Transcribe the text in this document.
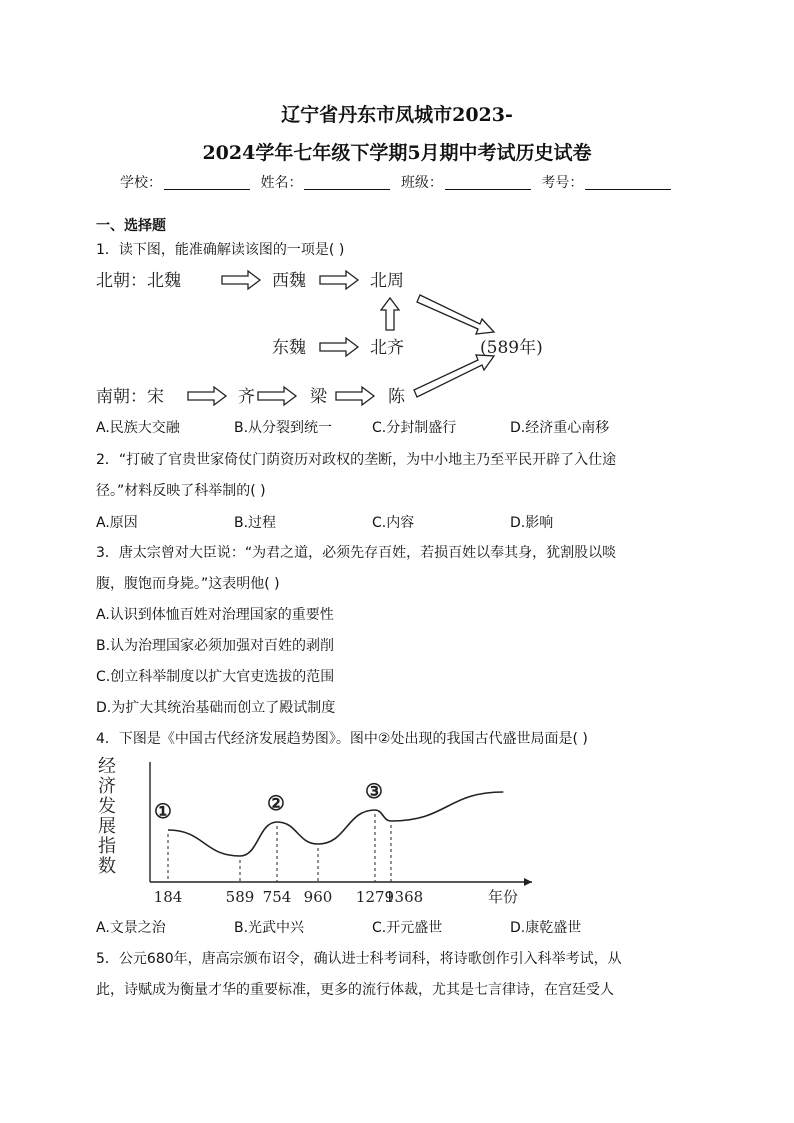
辽宁省丹东市凤城市2023-
2024学年七年级下学期5月期中考试历史试卷
学校：	姓名：	班级：	考号：
一、选择题
1．读下图，能准确解读该图的一项是( )
北朝：北魏	西魏	北周
东魏	北齐	(589年)
南朝：宋	齐	梁	陈
A.民族大交融	B.从分裂到统一	C.分封制盛行	D.经济重心南移
2．“打破了官贵世家倚仗门荫资历对政权的垄断，为中小地主乃至平民开辟了入仕途
径。”材料反映了科举制的( )
A.原因	B.过程	C.内容	D.影响
3．唐太宗曾对大臣说：“为君之道，必须先存百姓，若损百姓以奉其身，犹割股以啖
腹，腹饱而身毙。”这表明他( )
A.认识到体恤百姓对治理国家的重要性
B.认为治理国家必须加强对百姓的剥削
C.创立科举制度以扩大官吏选拔的范围
D.为扩大其统治基础而创立了殿试制度
4．下图是《中国古代经济发展趋势图》。图中②处出现的我国古代盛世局面是( )
经
济
发
展
指
数
184	589 754 960 1279
1368
①	②	③
年份
A.文景之治	B.光武中兴	C.开元盛世	D.康乾盛世
5．公元680年，唐高宗颁布诏令，确认进士科考词科，将诗歌创作引入科举考试，从
此，诗赋成为衡量才华的重要标准，更多的流行体裁，尤其是七言律诗，在宫廷受人
